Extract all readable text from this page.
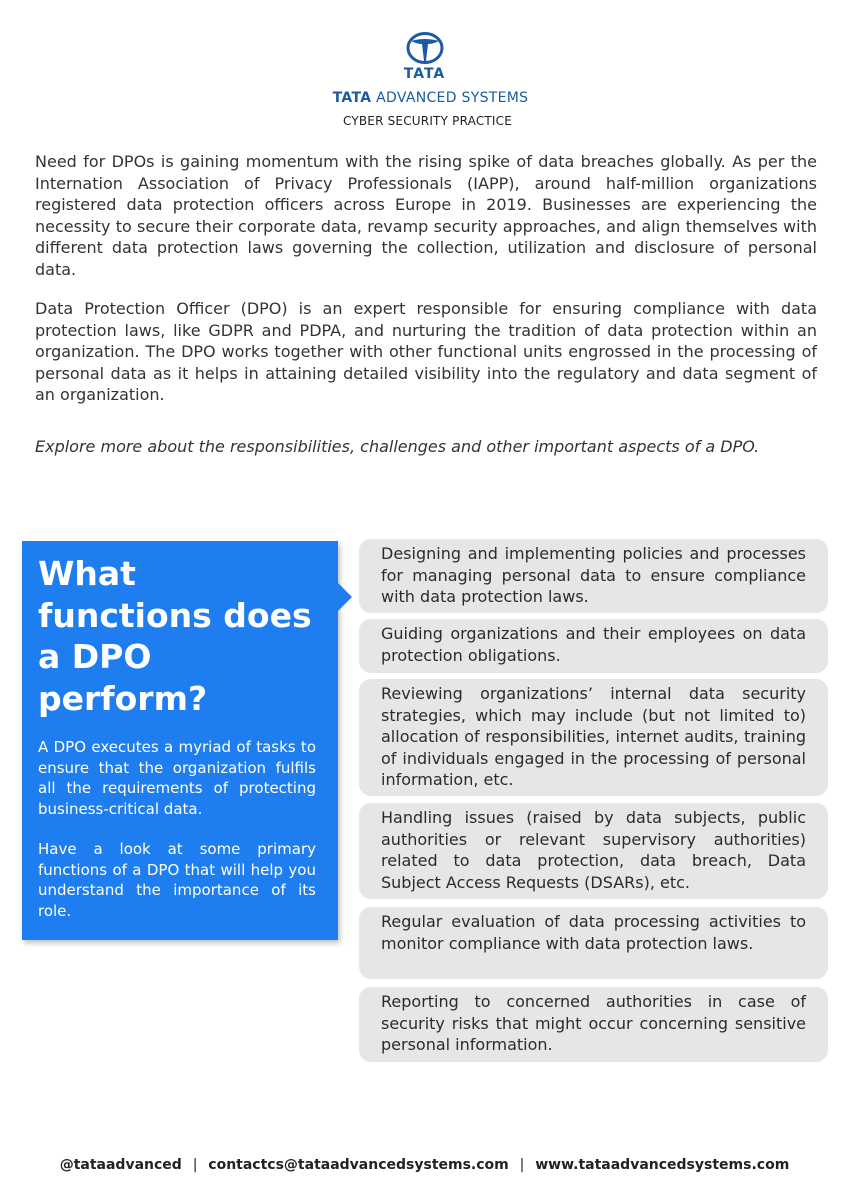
TATA
TATA ADVANCED SYSTEMS
CYBER SECURITY PRACTICE

Need for DPOs is gaining momentum with the rising spike of data breaches globally. As per the Internation Association of Privacy Professionals (IAPP), around half-million organizations registered data protection officers across Europe in 2019. Businesses are experiencing the necessity to secure their corporate data, revamp security approaches, and align themselves with different data protection laws governing the collection, utilization and disclosure of personal data.

Data Protection Officer (DPO) is an expert responsible for ensuring compliance with data protection laws, like GDPR and PDPA, and nurturing the tradition of data protection within an organization. The DPO works together with other functional units engrossed in the processing of personal data as it helps in attaining detailed visibility into the regulatory and data segment of an organization.

Explore more about the responsibilities, challenges and other important aspects of a DPO.

What functions does a DPO perform?

A DPO executes a myriad of tasks to ensure that the organization fulfils all the requirements of protecting business-critical data.

Have a look at some primary functions of a DPO that will help you understand the importance of its role.

Designing and implementing policies and processes for managing personal data to ensure compliance with data protection laws.
Guiding organizations and their employees on data protection obligations.
Reviewing organizations’ internal data security strategies, which may include (but not limited to) allocation of responsibilities, internet audits, training of individuals engaged in the processing of personal information, etc.
Handling issues (raised by data subjects, public authorities or relevant supervisory authorities) related to data protection, data breach, Data Subject Access Requests (DSARs), etc.
Regular evaluation of data processing activities to monitor compliance with data protection laws.
Reporting to concerned authorities in case of security risks that might occur concerning sensitive personal information.
@tataadvanced | contactcs@tataadvancedsystems.com | www.tataadvancedsystems.com
